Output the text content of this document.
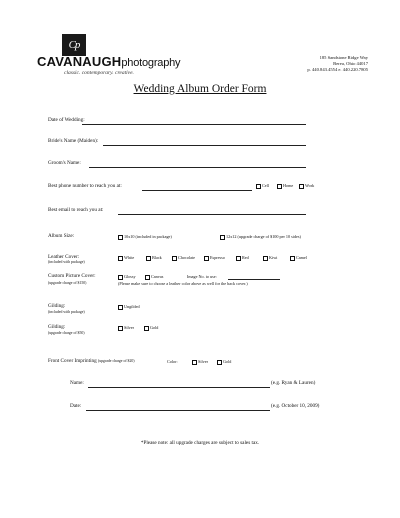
Cp
CAVANAUGHphotography
classic. contemporary. creative.
185 Sandstone Ridge Way
Berea, Ohio 44017
p. 440.843.4554 e. 440.220.7805
Wedding Album Order Form
Date of Wedding:
Bride's Name (Maiden):
Groom's Name:
Best phone number to reach you at:	Cell	Home	Work
Best email to reach you at:
Album Size:	10x10 (included in package)	12x12 (upgrade charge of $100 per 10 sides)
Leather Cover:
(included with package)
White	Black	Chocolate	Espresso	Red	Kiwi	Camel
Custom Picture Cover:
(upgrade charge of $150)
Glossy	Canvas	Image No. to use:
(Please make sure to choose a leather color above as well for the back cover.)
Gilding:
(included with package)
Ungilded
Gilding:
(upgrade charge of $50)
Silver	Gold
Front Cover Imprinting (upgrade charge of $20)	Color:	Silver	Gold
Name:	(e.g. Ryan & Lauren)
Date:	(e.g. October 10, 2009)
*Please note: all upgrade charges are subject to sales tax.
